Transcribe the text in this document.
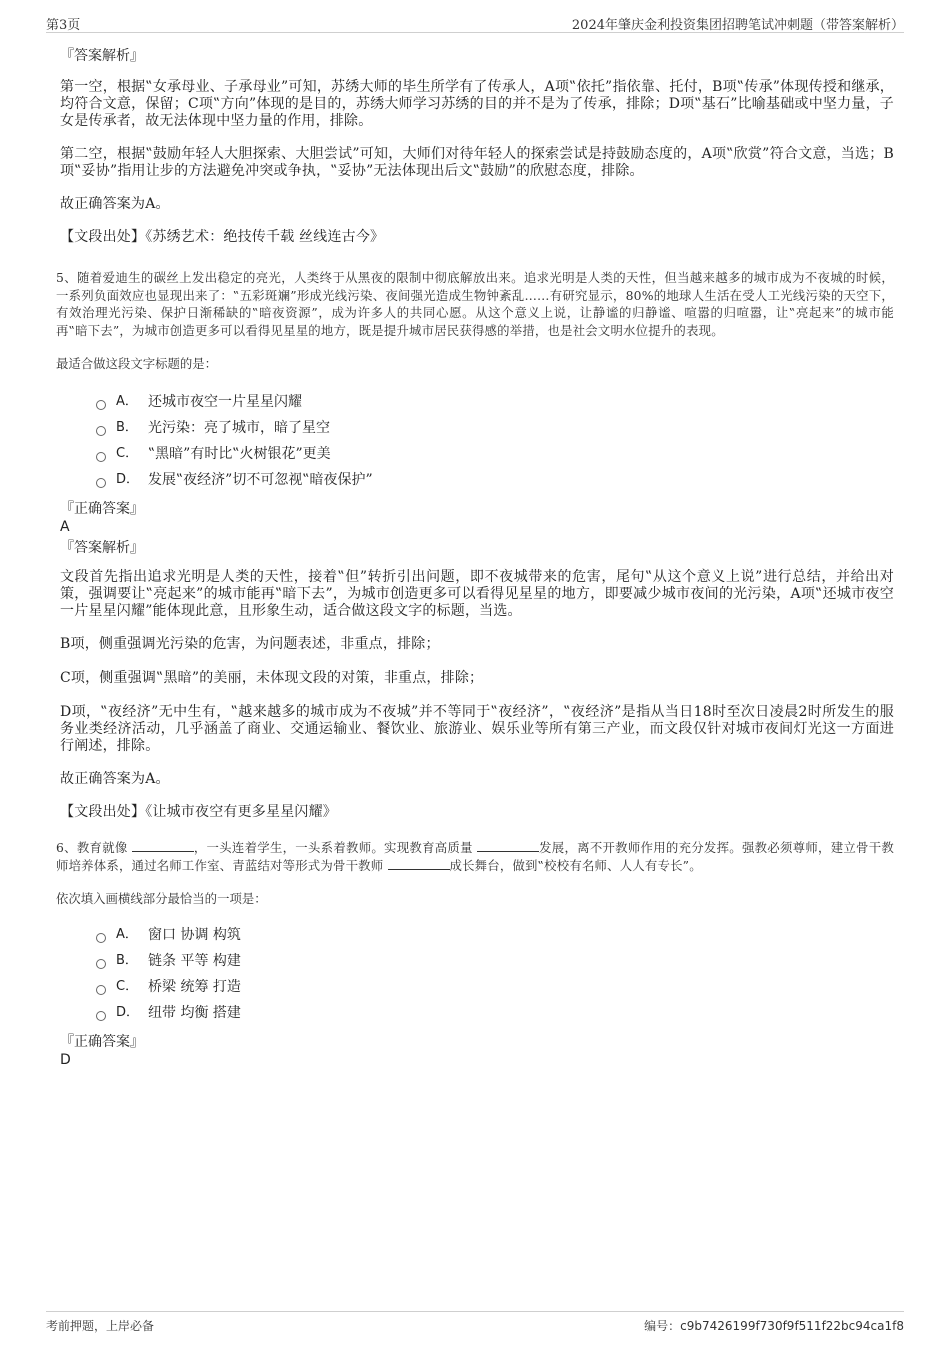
第3页	2024年肇庆金利投资集团招聘笔试冲刺题（带答案解析）

『答案解析』

第一空，根据‟女承母业、子承母业”可知，苏绣大师的毕生所学有了传承人，A项‟依托”指依靠、托付，B项‟传承”体现传授和继承，均符合文意，保留；C项‟方向”体现的是目的，苏绣大师学习苏绣的目的并不是为了传承，排除；D项‟基石”比喻基础或中坚力量，子女是传承者，故无法体现中坚力量的作用，排除。

第二空，根据‟鼓励年轻人大胆探索、大胆尝试”可知，大师们对待年轻人的探索尝试是持鼓励态度的，A项‟欣赏”符合文意，当选；B项‟妥协”指用让步的方法避免冲突或争执，‟妥协”无法体现出后文‟鼓励”的欣慰态度，排除。

故正确答案为A。

【文段出处】《苏绣艺术：绝技传千载 丝线连古今》

5、随着爱迪生的碳丝上发出稳定的亮光，人类终于从黑夜的限制中彻底解放出来。追求光明是人类的天性，但当越来越多的城市成为不夜城的时候，一系列负面效应也显现出来了：‟五彩斑斓”形成光线污染、夜间强光造成生物钟紊乱……有研究显示，80%的地球人生活在受人工光线污染的天空下，有效治理光污染、保护日渐稀缺的‟暗夜资源”，成为许多人的共同心愿。从这个意义上说，让静谧的归静谧、喧嚣的归喧嚣，让‟亮起来”的城市能再‟暗下去”，为城市创造更多可以看得见星星的地方，既是提升城市居民获得感的举措，也是社会文明水位提升的表现。

最适合做这段文字标题的是：

A． 还城市夜空一片星星闪耀
B． 光污染：亮了城市，暗了星空
C． ‟黑暗”有时比‟火树银花”更美
D． 发展‟夜经济”切不可忽视‟暗夜保护”

『正确答案』

A

『答案解析』

文段首先指出追求光明是人类的天性，接着‟但”转折引出问题，即不夜城带来的危害，尾句‟从这个意义上说”进行总结，并给出对策，强调要让‟亮起来”的城市能再‟暗下去”，为城市创造更多可以看得见星星的地方，即要减少城市夜间的光污染，A项‟还城市夜空一片星星闪耀”能体现此意，且形象生动，适合做这段文字的标题，当选。

B项，侧重强调光污染的危害，为问题表述，非重点，排除；

C项，侧重强调‟黑暗”的美丽，未体现文段的对策，非重点，排除；

D项，‟夜经济”无中生有，‟越来越多的城市成为不夜城”并不等同于‟夜经济”，‟夜经济”是指从当日18时至次日凌晨2时所发生的服务业类经济活动，几乎涵盖了商业、交通运输业、餐饮业、旅游业、娱乐业等所有第三产业，而文段仅针对城市夜间灯光这一方面进行阐述，排除。

故正确答案为A。

【文段出处】《让城市夜空有更多星星闪耀》

6、教育就像	，一头连着学生，一头系着教师。实现教育高质量	发展，离不开教师作用的充分发挥。强教必须尊师，建立骨干教师培养体系，通过名师工作室、青蓝结对等形式为骨干教师	成长舞台，做到‟校校有名师、人人有专长”。

依次填入画横线部分最恰当的一项是：

A． 窗口 协调 构筑
B． 链条 平等 构建
C． 桥梁 统筹 打造
D． 纽带 均衡 搭建

『正确答案』

D

考前押题，上岸必备	编号：c9b7426199f730f9f511f22bc94ca1f8
